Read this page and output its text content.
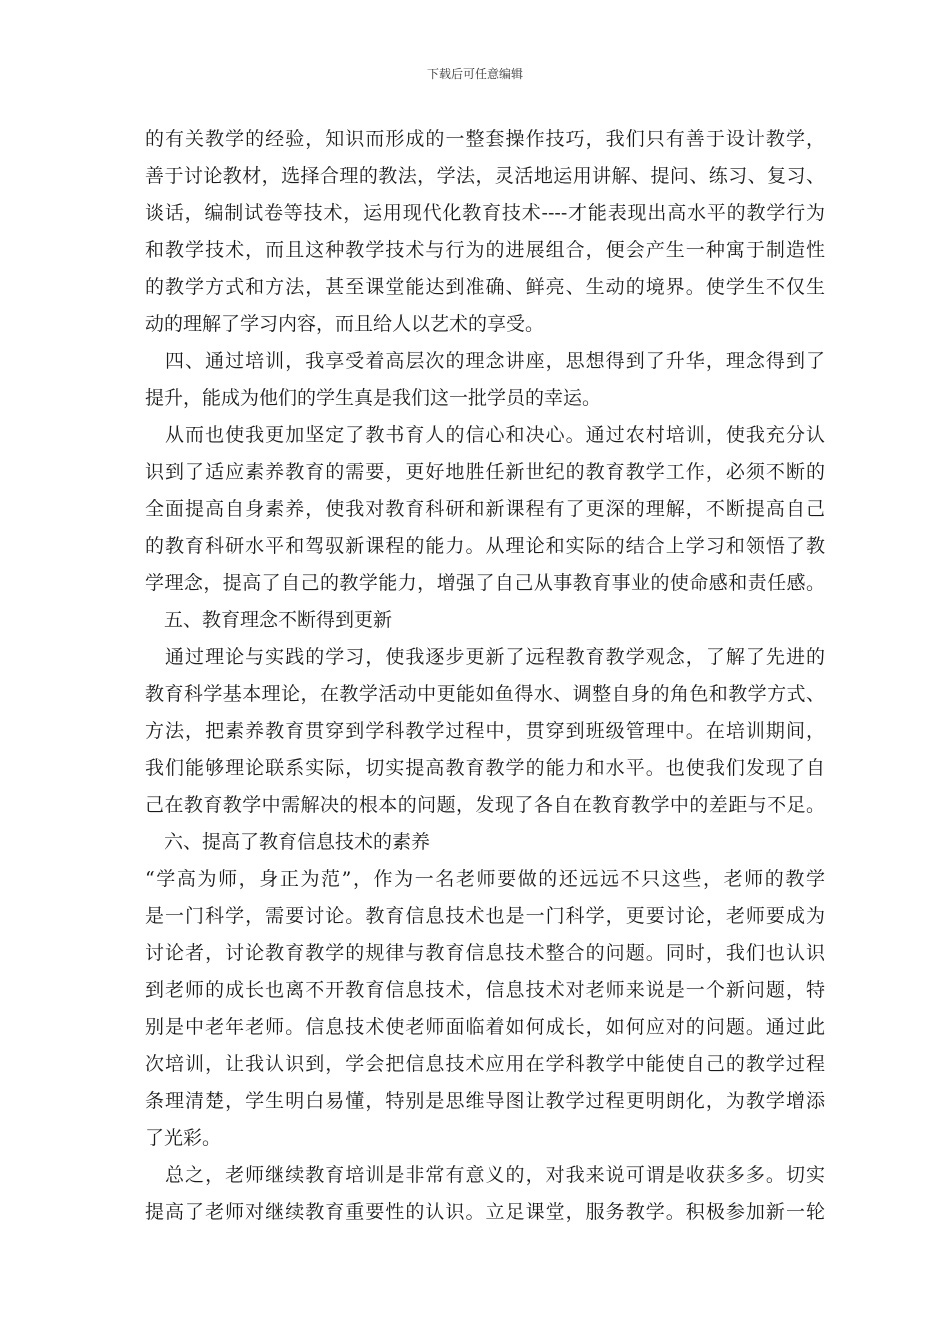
下载后可任意编辑
的有关教学的经验，知识而形成的一整套操作技巧，我们只有善于设计教学，
善于讨论教材，选择合理的教法，学法，灵活地运用讲解、提问、练习、复习、
谈话，编制试卷等技术，运用现代化教育技术----才能表现出高水平的教学行为
和教学技术，而且这种教学技术与行为的进展组合，便会产生一种寓于制造性
的教学方式和方法，甚至课堂能达到准确、鲜亮、生动的境界。使学生不仅生
动的理解了学习内容，而且给人以艺术的享受。
　四、通过培训，我享受着高层次的理念讲座，思想得到了升华，理念得到了
提升，能成为他们的学生真是我们这一批学员的幸运。
　从而也使我更加坚定了教书育人的信心和决心。通过农村培训，使我充分认
识到了适应素养教育的需要，更好地胜任新世纪的教育教学工作，必须不断的
全面提高自身素养，使我对教育科研和新课程有了更深的理解，不断提高自己
的教育科研水平和驾驭新课程的能力。从理论和实际的结合上学习和领悟了教
学理念，提高了自己的教学能力，增强了自己从事教育事业的使命感和责任感。
　五、教育理念不断得到更新
　通过理论与实践的学习，使我逐步更新了远程教育教学观念，了解了先进的
教育科学基本理论，在教学活动中更能如鱼得水、调整自身的角色和教学方式、
方法，把素养教育贯穿到学科教学过程中，贯穿到班级管理中。在培训期间，
我们能够理论联系实际，切实提高教育教学的能力和水平。也使我们发现了自
己在教育教学中需解决的根本的问题，发现了各自在教育教学中的差距与不足。
　六、提高了教育信息技术的素养
“学高为师，身正为范”，作为一名老师要做的还远远不只这些，老师的教学
是一门科学，需要讨论。教育信息技术也是一门科学，更要讨论，老师要成为
讨论者，讨论教育教学的规律与教育信息技术整合的问题。同时，我们也认识
到老师的成长也离不开教育信息技术，信息技术对老师来说是一个新问题，特
别是中老年老师。信息技术使老师面临着如何成长，如何应对的问题。通过此
次培训，让我认识到，学会把信息技术应用在学科教学中能使自己的教学过程
条理清楚，学生明白易懂，特别是思维导图让教学过程更明朗化，为教学增添
了光彩。
　总之，老师继续教育培训是非常有意义的，对我来说可谓是收获多多。切实
提高了老师对继续教育重要性的认识。立足课堂，服务教学。积极参加新一轮
